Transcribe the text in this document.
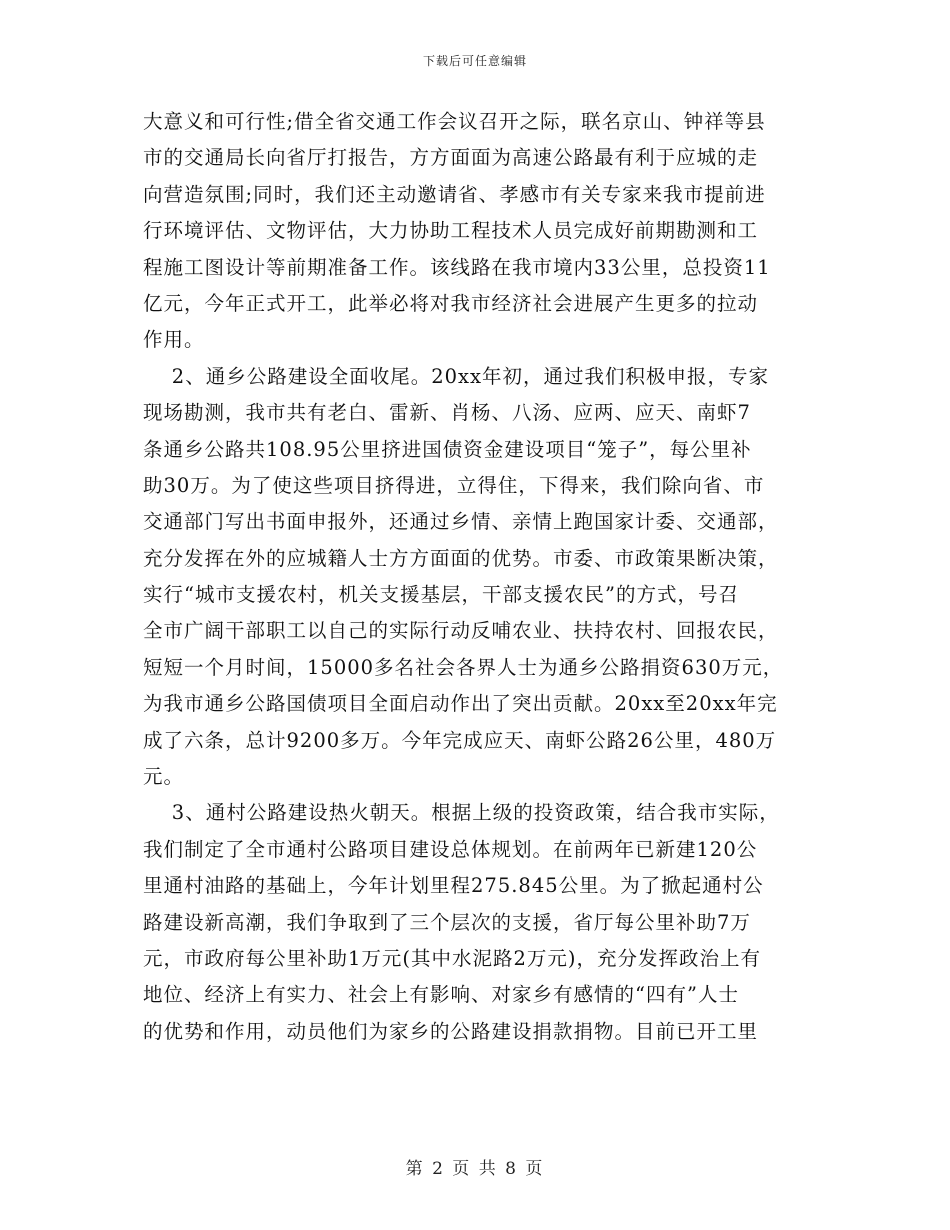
下载后可任意编辑
大意义和可行性;借全省交通工作会议召开之际，联名京山、钟祥等县
市的交通局长向省厅打报告，方方面面为高速公路最有利于应城的走
向营造氛围;同时，我们还主动邀请省、孝感市有关专家来我市提前进
行环境评估、文物评估，大力协助工程技术人员完成好前期勘测和工
程施工图设计等前期准备工作。该线路在我市境内33公里，总投资11
亿元，今年正式开工，此举必将对我市经济社会进展产生更多的拉动
作用。
2、通乡公路建设全面收尾。20xx年初，通过我们积极申报，专家
现场勘测，我市共有老白、雷新、肖杨、八汤、应两、应天、南虾7
条通乡公路共108.95公里挤进国债资金建设项目“笼子”，每公里补
助30万。为了使这些项目挤得进，立得住，下得来，我们除向省、市
交通部门写出书面申报外，还通过乡情、亲情上跑国家计委、交通部，
充分发挥在外的应城籍人士方方面面的优势。市委、市政策果断决策，
实行“城市支援农村，机关支援基层，干部支援农民”的方式，号召
全市广阔干部职工以自己的实际行动反哺农业、扶持农村、回报农民，
短短一个月时间，15000多名社会各界人士为通乡公路捐资630万元，
为我市通乡公路国债项目全面启动作出了突出贡献。20xx至20xx年完
成了六条，总计9200多万。今年完成应天、南虾公路26公里，480万
元。
3、通村公路建设热火朝天。根据上级的投资政策，结合我市实际，
我们制定了全市通村公路项目建设总体规划。在前两年已新建120公
里通村油路的基础上，今年计划里程275.845公里。为了掀起通村公
路建设新高潮，我们争取到了三个层次的支援，省厅每公里补助7万
元，市政府每公里补助1万元(其中水泥路2万元)，充分发挥政治上有
地位、经济上有实力、社会上有影响、对家乡有感情的“四有”人士
的优势和作用，动员他们为家乡的公路建设捐款捐物。目前已开工里
第 2 页 共 8 页
